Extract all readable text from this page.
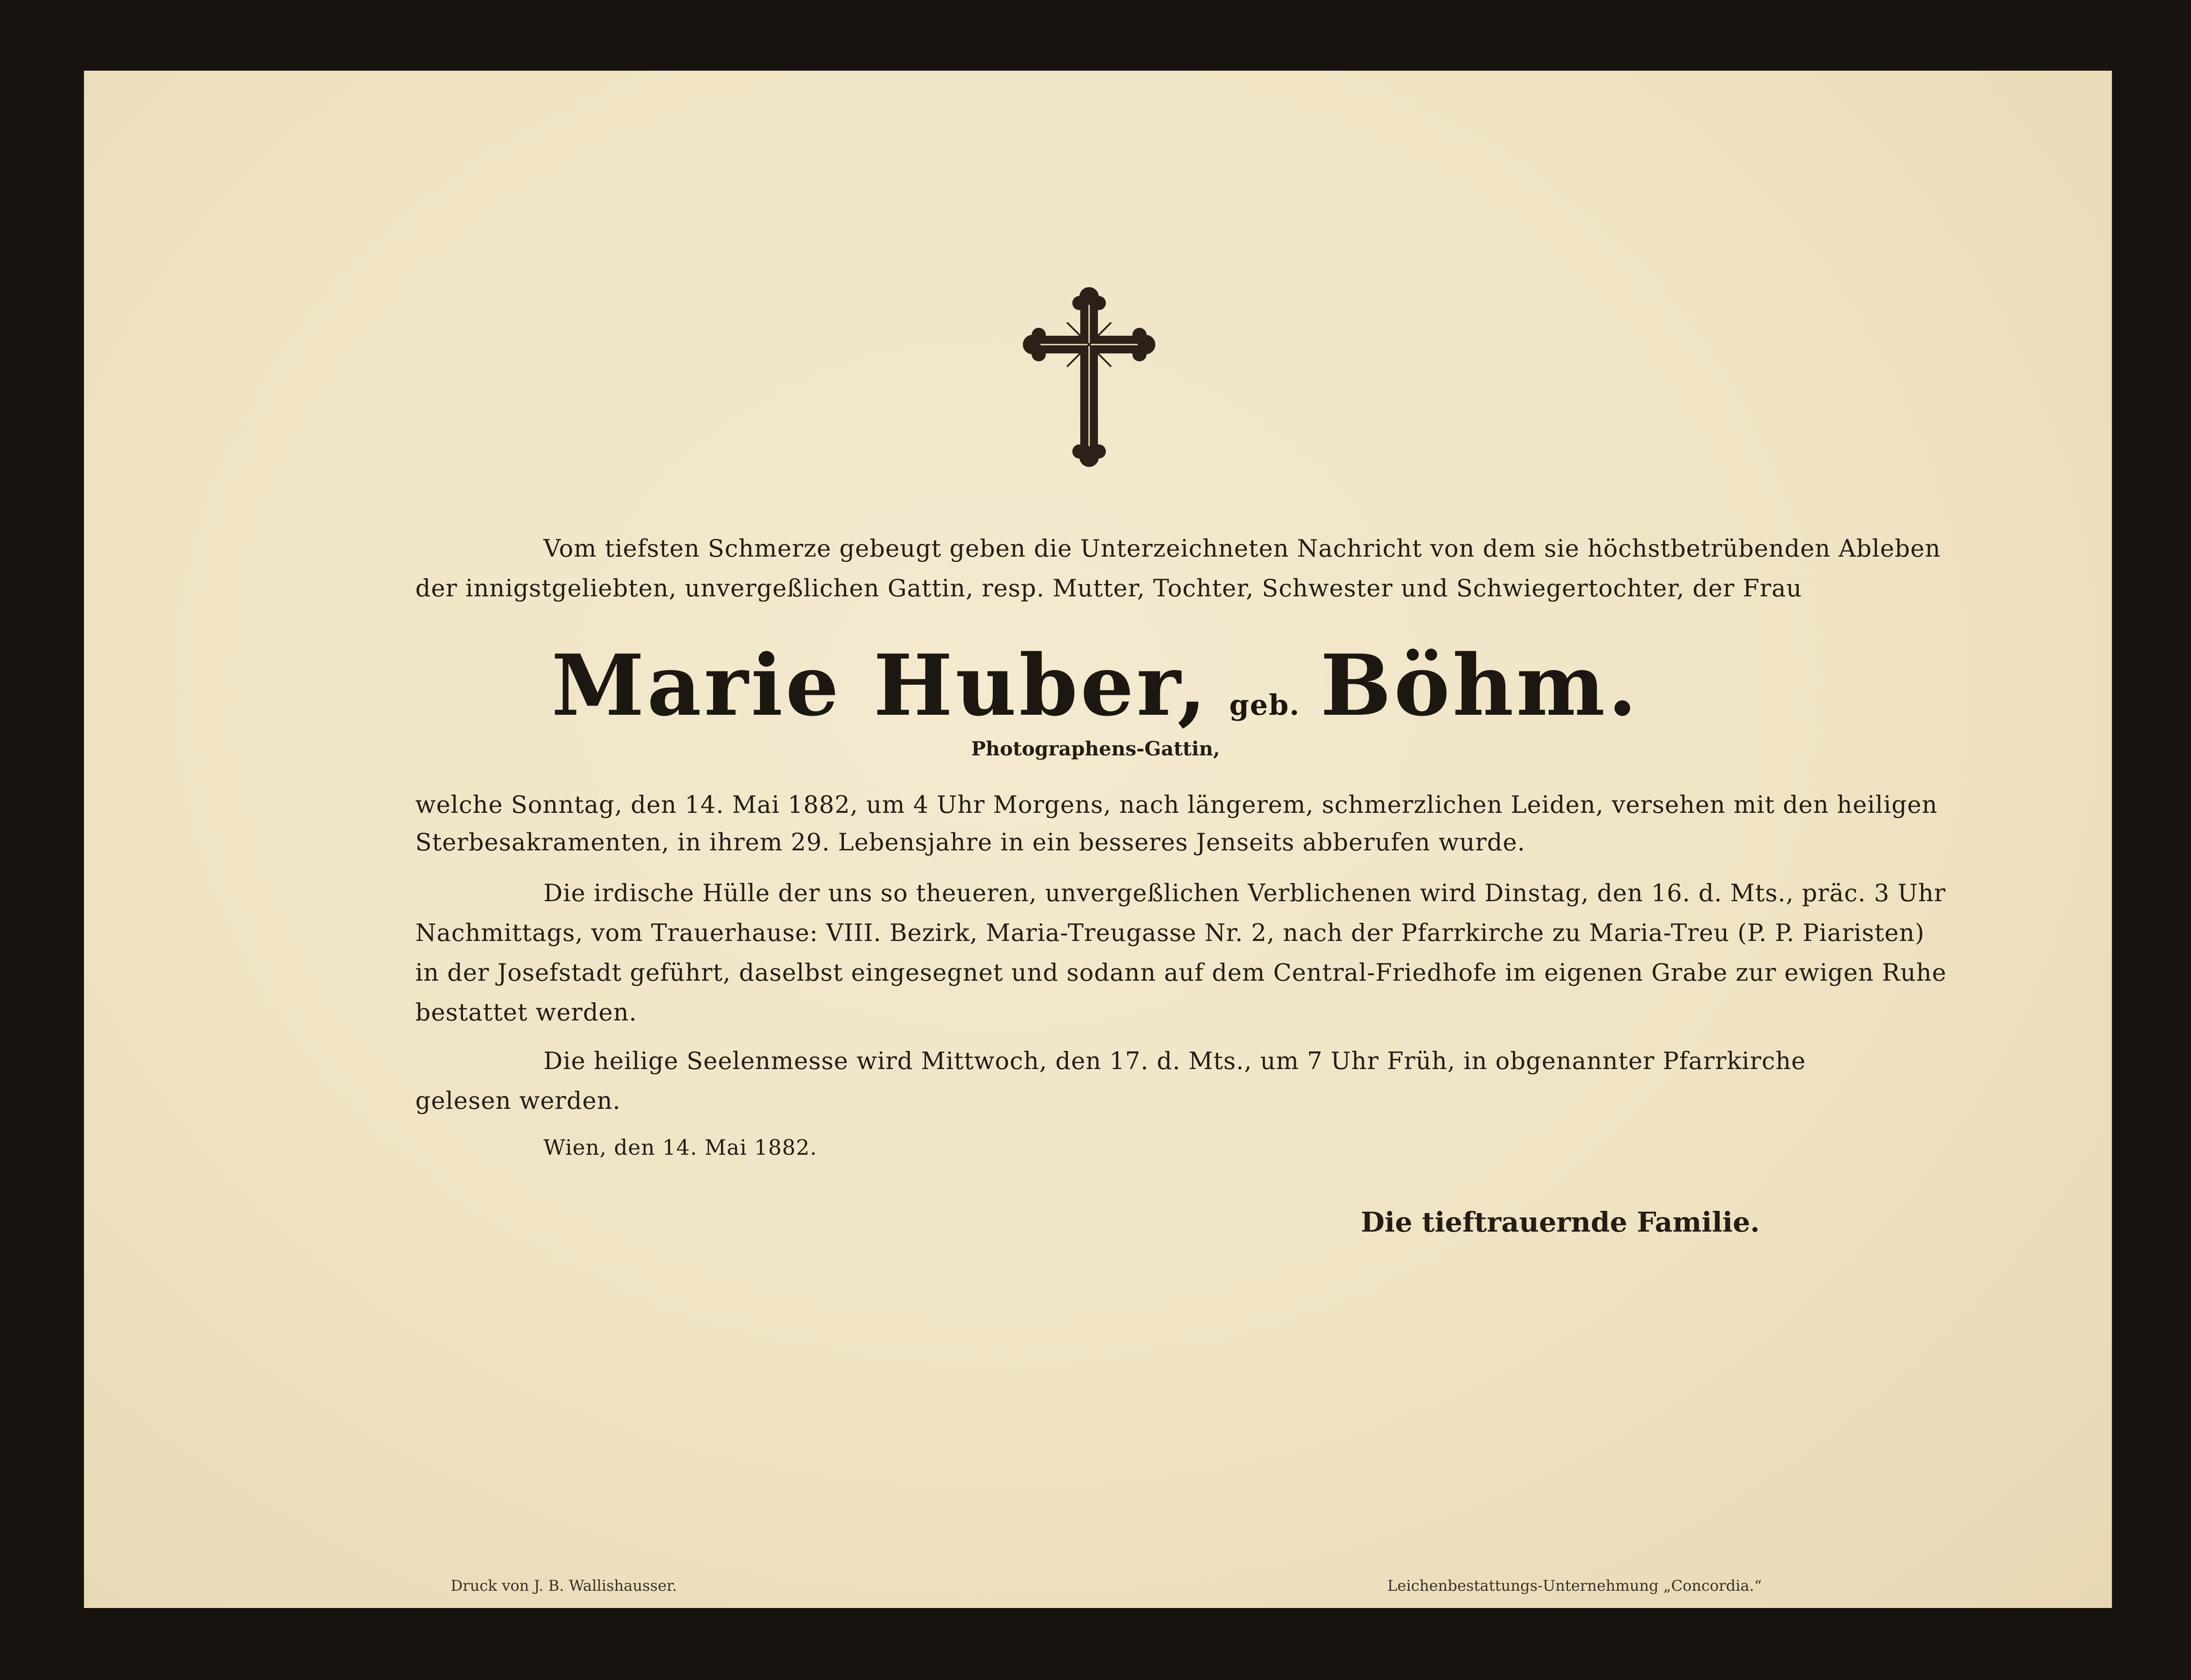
Vom tiefsten Schmerze gebeugt geben die Unterzeichneten Nachricht von dem sie höchstbetrübenden Ableben
der innigstgeliebten, unvergeßlichen Gattin, resp. Mutter, Tochter, Schwester und Schwiegertochter, der Frau
Marie Huber, geb. Böhm.
Photographens-Gattin,
welche Sonntag, den 14. Mai 1882, um 4 Uhr Morgens, nach längerem, schmerzlichen Leiden, versehen mit den heiligen
Sterbesakramenten, in ihrem 29. Lebensjahre in ein besseres Jenseits abberufen wurde.
Die irdische Hülle der uns so theueren, unvergeßlichen Verblichenen wird Dinstag, den 16. d. Mts., präc. 3 Uhr
Nachmittags, vom Trauerhause: VIII. Bezirk, Maria-Treugasse Nr. 2, nach der Pfarrkirche zu Maria-Treu (P. P. Piaristen)
in der Josefstadt geführt, daselbst eingesegnet und sodann auf dem Central-Friedhofe im eigenen Grabe zur ewigen Ruhe
bestattet werden.
Die heilige Seelenmesse wird Mittwoch, den 17. d. Mts., um 7 Uhr Früh, in obgenannter Pfarrkirche
gelesen werden.
Wien, den 14. Mai 1882.
Die tieftrauernde Familie.
Druck von J. B. Wallishausser.	Leichenbestattungs-Unternehmung „Concordia.“
